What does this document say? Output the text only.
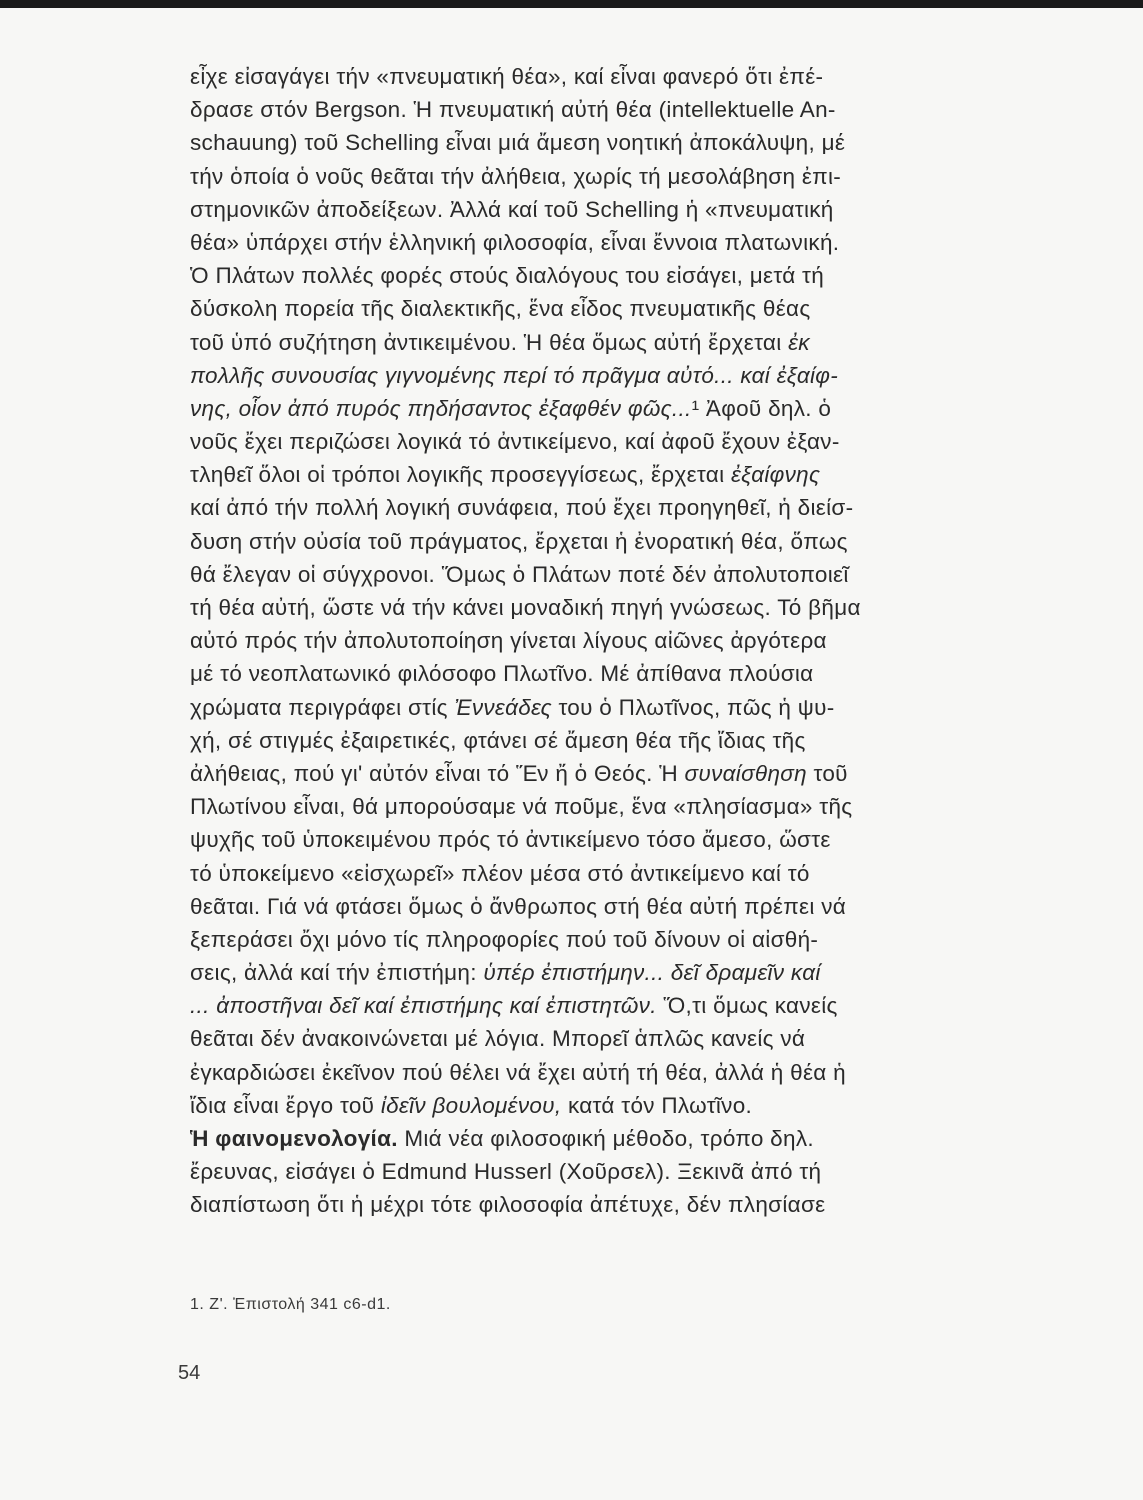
εἶχε εἰσαγάγει τήν «πνευματική θέα», καί εἶναι φανερό ὅτι ἐπέ-
δρασε στόν Bergson. Ἡ πνευματική αὐτή θέα (intellektuelle An-
schauung) τοῦ Schelling εἶναι μιά ἄμεση νοητική ἀποκάλυψη, μέ
τήν ὁποία ὁ νοῦς θεᾶται τήν ἀλήθεια, χωρίς τή μεσολάβηση ἐπι-
στημονικῶν ἀποδείξεων. Ἀλλά καί τοῦ Schelling ἡ «πνευματική
θέα» ὑπάρχει στήν ἑλληνική φιλοσοφία, εἶναι ἔννοια πλατωνική.
Ὁ Πλάτων πολλές φορές στούς διαλόγους του εἰσάγει, μετά τή
δύσκολη πορεία τῆς διαλεκτικῆς, ἕνα εἶδος πνευματικῆς θέας
τοῦ ὑπό συζήτηση ἀντικειμένου. Ἡ θέα ὅμως αὐτή ἔρχεται ἐκ
πολλῆς συνουσίας γιγνομένης περί τό πρᾶγμα αὐτό... καί ἐξαίφ-
νης, οἷον ἀπό πυρός πηδήσαντος ἐξαφθέν φῶς...¹ Ἀφοῦ δηλ. ὁ
νοῦς ἔχει περιζώσει λογικά τό ἀντικείμενο, καί ἀφοῦ ἔχουν ἐξαν-
τληθεῖ ὅλοι οἱ τρόποι λογικῆς προσεγγίσεως, ἔρχεται ἐξαίφνης
καί ἀπό τήν πολλή λογική συνάφεια, πού ἔχει προηγηθεῖ, ἡ διείσ-
δυση στήν οὐσία τοῦ πράγματος, ἔρχεται ἡ ἐνορατική θέα, ὅπως
θά ἔλεγαν οἱ σύγχρονοι. Ὅμως ὁ Πλάτων ποτέ δέν ἀπολυτοποιεῖ
τή θέα αὐτή, ὥστε νά τήν κάνει μοναδική πηγή γνώσεως. Τό βῆμα
αὐτό πρός τήν ἀπολυτοποίηση γίνεται λίγους αἰῶνες ἀργότερα
μέ τό νεοπλατωνικό φιλόσοφο Πλωτῖνο. Μέ ἀπίθανα πλούσια
χρώματα περιγράφει στίς Ἐννεάδες του ὁ Πλωτῖνος, πῶς ἡ ψυ-
χή, σέ στιγμές ἐξαιρετικές, φτάνει σέ ἄμεση θέα τῆς ἴδιας τῆς
ἀλήθειας, πού γι' αὐτόν εἶναι τό Ἕν ἤ ὁ Θεός. Ἡ συναίσθηση τοῦ
Πλωτίνου εἶναι, θά μπορούσαμε νά ποῦμε, ἕνα «πλησίασμα» τῆς
ψυχῆς τοῦ ὑποκειμένου πρός τό ἀντικείμενο τόσο ἄμεσο, ὥστε
τό ὑποκείμενο «εἰσχωρεῖ» πλέον μέσα στό ἀντικείμενο καί τό
θεᾶται. Γιά νά φτάσει ὅμως ὁ ἄνθρωπος στή θέα αὐτή πρέπει νά
ξεπεράσει ὄχι μόνο τίς πληροφορίες πού τοῦ δίνουν οἱ αἰσθή-
σεις, ἀλλά καί τήν ἐπιστήμη: ὑπέρ ἐπιστήμην... δεῖ δραμεῖν καί
... ἀποστῆναι δεῖ καί ἐπιστήμης καί ἐπιστητῶν. Ὅ,τι ὅμως κανείς
θεᾶται δέν ἀνακοινώνεται μέ λόγια. Μπορεῖ ἁπλῶς κανείς νά
ἐγκαρδιώσει ἐκεῖνον πού θέλει νά ἔχει αὐτή τή θέα, ἀλλά ἡ θέα ἡ
ἴδια εἶναι ἔργο τοῦ ἰδεῖν βουλομένου, κατά τόν Πλωτῖνο.
Ἡ φαινομενολογία. Μιά νέα φιλοσοφική μέθοδο, τρόπο δηλ.
ἔρευνας, εἰσάγει ὁ Edmund Husserl (Χοῦρσελ). Ξεκινᾶ ἀπό τή
διαπίστωση ὅτι ἡ μέχρι τότε φιλοσοφία ἀπέτυχε, δέν πλησίασε
1. Ζ'. Ἐπιστολή 341 c6-d1.
54
